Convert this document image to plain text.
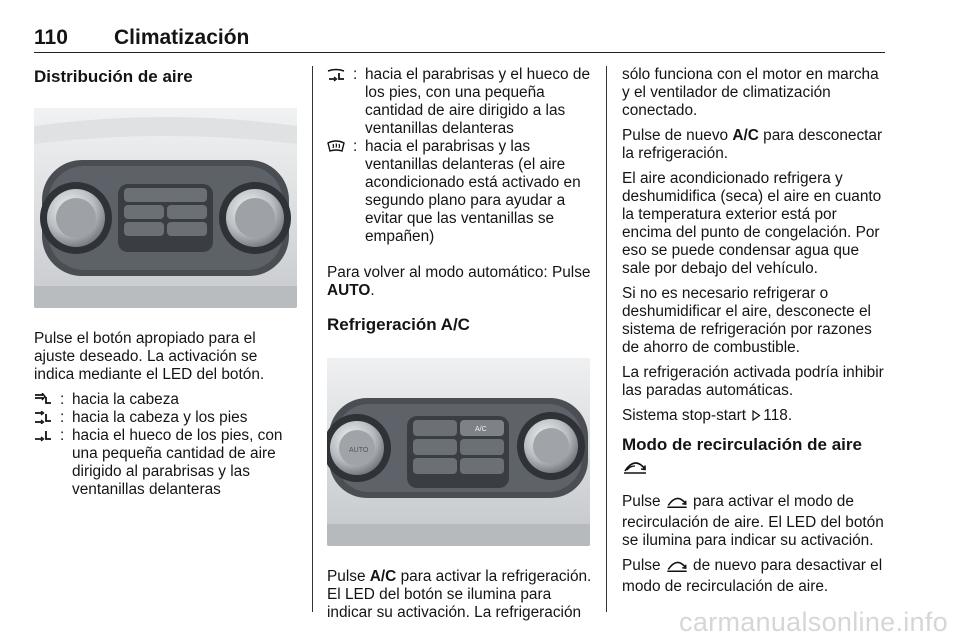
110 Climatización
Distribución de aire

Pulse el botón apropiado para el ajuste deseado. La activación se indica mediante el LED del botón.

: hacia la cabeza
: hacia la cabeza y los pies
: hacia el hueco de los pies, con una pequeña cantidad de aire dirigido al parabrisas y las ventanillas delanteras
: hacia el parabrisas y el hueco de los pies, con una pequeña cantidad de aire dirigido a las ventanillas delanteras
: hacia el parabrisas y las ventanillas delanteras (el aire acondicionado está activado en segundo plano para ayudar a evitar que las ventanillas se empañen)

Para volver al modo automático: Pulse AUTO.

Refrigeración A/C
AUTO
A/C

Pulse A/C para activar la refrigeración. El LED del botón se ilumina para indicar su activación. La refrigeración

sólo funciona con el motor en marcha y el ventilador de climatización conectado.

Pulse de nuevo A/C para desconectar la refrigeración.

El aire acondicionado refrigera y deshumidifica (seca) el aire en cuanto la temperatura exterior está por encima del punto de congelación. Por eso se puede condensar agua que sale por debajo del vehículo.

Si no es necesario refrigerar o deshumidificar el aire, desconecte el sistema de refrigeración por razones de ahorro de combustible.

La refrigeración activada podría inhibir las paradas automáticas.

Sistema stop-start 118.

Modo de recirculación de aire

Pulse  para activar el modo de recirculación de aire. El LED del botón se ilumina para indicar su activación.

Pulse  de nuevo para desactivar el modo de recirculación de aire.

carmanualsonline.info
